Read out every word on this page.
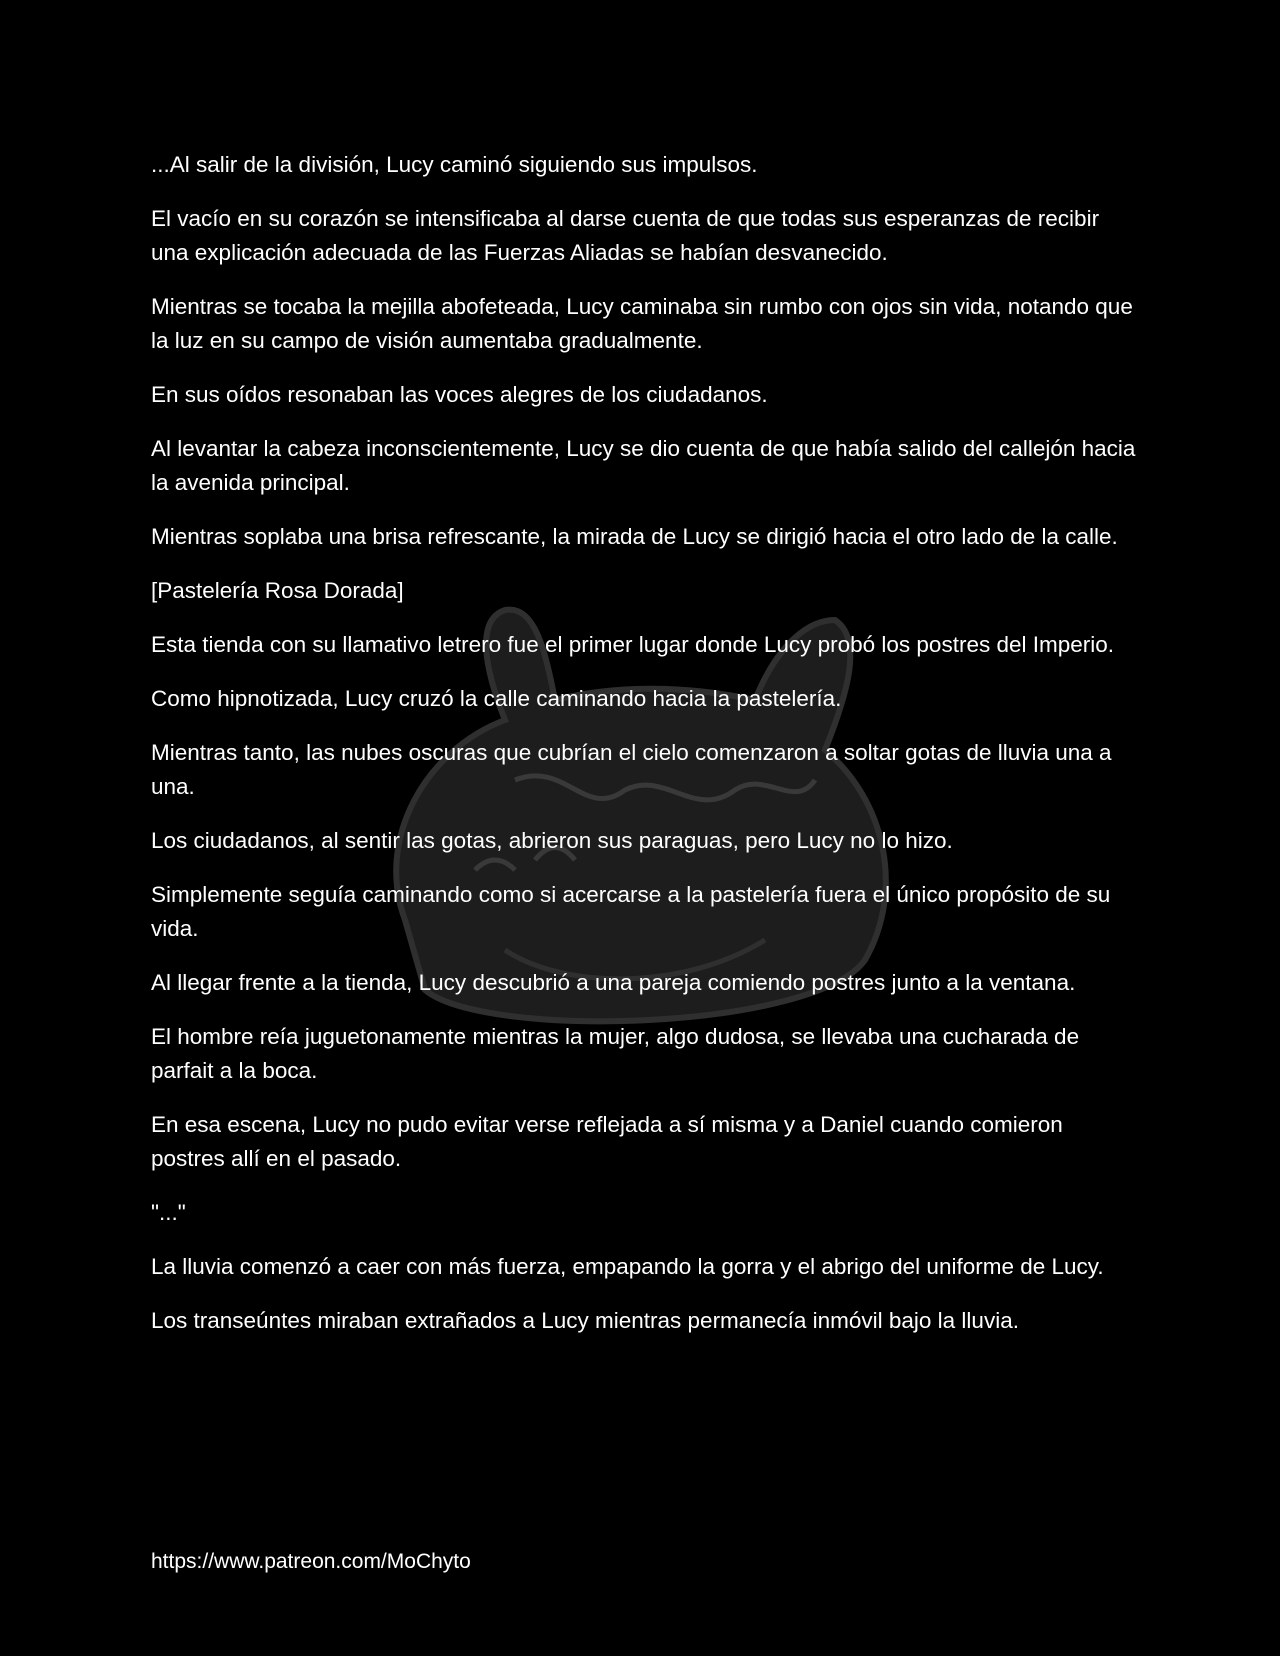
...Al salir de la división, Lucy caminó siguiendo sus impulsos.

El vacío en su corazón se intensificaba al darse cuenta de que todas sus esperanzas de recibir una explicación adecuada de las Fuerzas Aliadas se habían desvanecido.

Mientras se tocaba la mejilla abofeteada, Lucy caminaba sin rumbo con ojos sin vida, notando que la luz en su campo de visión aumentaba gradualmente.

En sus oídos resonaban las voces alegres de los ciudadanos.

Al levantar la cabeza inconscientemente, Lucy se dio cuenta de que había salido del callejón hacia la avenida principal.

Mientras soplaba una brisa refrescante, la mirada de Lucy se dirigió hacia el otro lado de la calle.

[Pastelería Rosa Dorada]

Esta tienda con su llamativo letrero fue el primer lugar donde Lucy probó los postres del Imperio.

Como hipnotizada, Lucy cruzó la calle caminando hacia la pastelería.

Mientras tanto, las nubes oscuras que cubrían el cielo comenzaron a soltar gotas de lluvia una a una.

Los ciudadanos, al sentir las gotas, abrieron sus paraguas, pero Lucy no lo hizo.

Simplemente seguía caminando como si acercarse a la pastelería fuera el único propósito de su vida.

Al llegar frente a la tienda, Lucy descubrió a una pareja comiendo postres junto a la ventana.

El hombre reía juguetonamente mientras la mujer, algo dudosa, se llevaba una cucharada de parfait a la boca.

En esa escena, Lucy no pudo evitar verse reflejada a sí misma y a Daniel cuando comieron postres allí en el pasado.

"..."

La lluvia comenzó a caer con más fuerza, empapando la gorra y el abrigo del uniforme de Lucy.

Los transeúntes miraban extrañados a Lucy mientras permanecía inmóvil bajo la lluvia.

https://www.patreon.com/MoChyto
